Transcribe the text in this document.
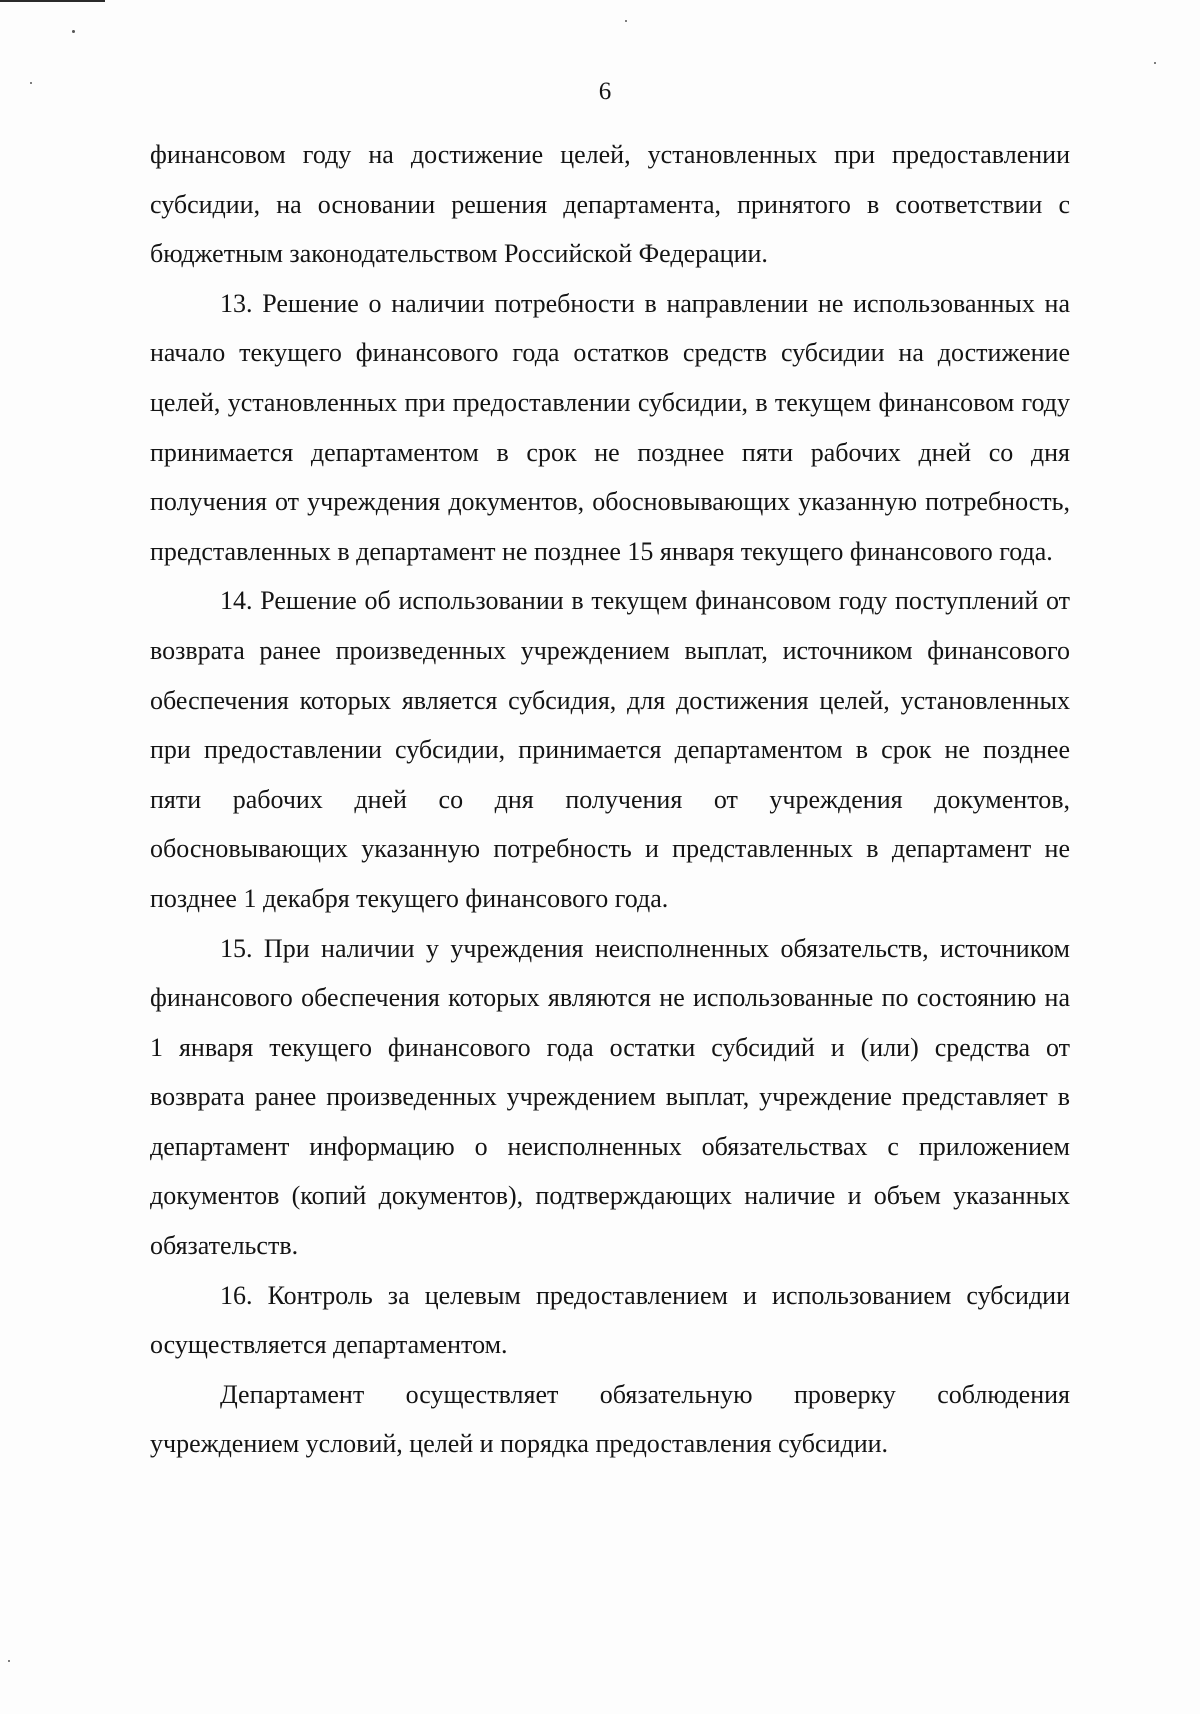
6

финансовом году на достижение целей, установленных при предоставлении субсидии, на основании решения департамента, принятого в соответствии с бюджетным законодательством Российской Федерации.

13. Решение о наличии потребности в направлении не использованных на начало текущего финансового года остатков средств субсидии на достижение целей, установленных при предоставлении субсидии, в текущем финансовом году принимается департаментом в срок не позднее пяти рабочих дней со дня получения от учреждения документов, обосновывающих указанную потребность, представленных в департамент не позднее 15 января текущего финансового года.

14. Решение об использовании в текущем финансовом году поступлений от возврата ранее произведенных учреждением выплат, источником финансового обеспечения которых является субсидия, для достижения целей, установленных при предоставлении субсидии, принимается департаментом в срок не позднее пяти рабочих дней со дня получения от учреждения документов, обосновывающих указанную потребность и представленных в департамент не позднее 1 декабря текущего финансового года.

15. При наличии у учреждения неисполненных обязательств, источником финансового обеспечения которых являются не использованные по состоянию на 1 января текущего финансового года остатки субсидий и (или) средства от возврата ранее произведенных учреждением выплат, учреждение представляет в департамент информацию о неисполненных обязательствах с приложением документов (копий документов), подтверждающих наличие и объем указанных обязательств.

16. Контроль за целевым предоставлением и использованием субсидии осуществляется департаментом.

Департамент осуществляет обязательную проверку соблюдения учреждением условий, целей и порядка предоставления субсидии.
